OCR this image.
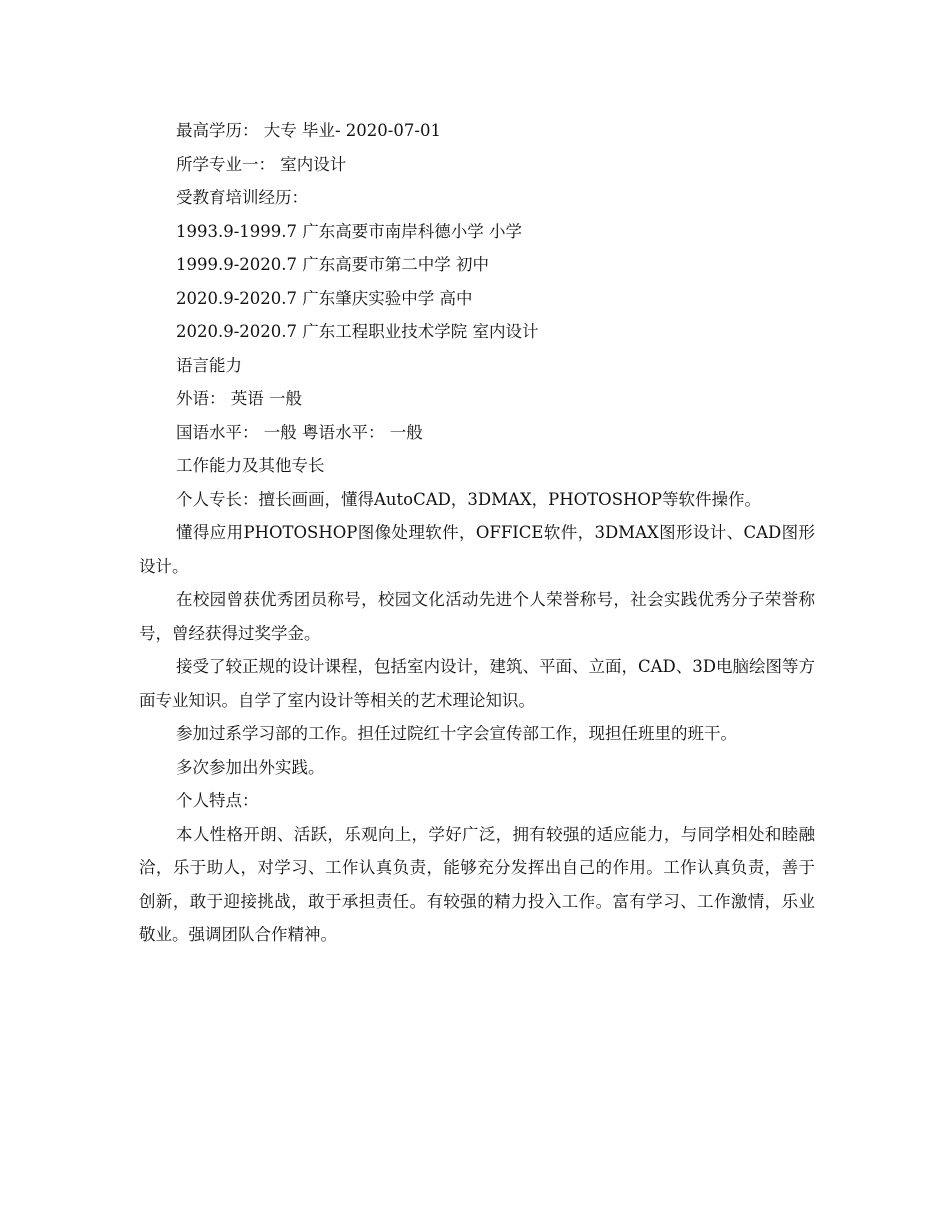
最高学历： 大专 毕业- 2020-07-01

所学专业一： 室内设计

受教育培训经历：

1993.9-1999.7 广东高要市南岸科德小学 小学

1999.9-2020.7 广东高要市第二中学 初中

2020.9-2020.7 广东肇庆实验中学 高中

2020.9-2020.7 广东工程职业技术学院 室内设计

语言能力

外语： 英语 一般

国语水平： 一般 粤语水平： 一般

工作能力及其他专长

个人专长：擅长画画，懂得AutoCAD，3DMAX，PHOTOSHOP等软件操作。

懂得应用PHOTOSHOP图像处理软件，OFFICE软件，3DMAX图形设计、CAD图形设计。

在校园曾获优秀团员称号，校园文化活动先进个人荣誉称号，社会实践优秀分子荣誉称号，曾经获得过奖学金。

接受了较正规的设计课程，包括室内设计，建筑、平面、立面，CAD、3D电脑绘图等方面专业知识。自学了室内设计等相关的艺术理论知识。

参加过系学习部的工作。担任过院红十字会宣传部工作，现担任班里的班干。

多次参加出外实践。

个人特点：

本人性格开朗、活跃，乐观向上，学好广泛，拥有较强的适应能力，与同学相处和睦融洽，乐于助人，对学习、工作认真负责，能够充分发挥出自己的作用。工作认真负责，善于创新，敢于迎接挑战，敢于承担责任。有较强的精力投入工作。富有学习、工作激情，乐业敬业。强调团队合作精神。
